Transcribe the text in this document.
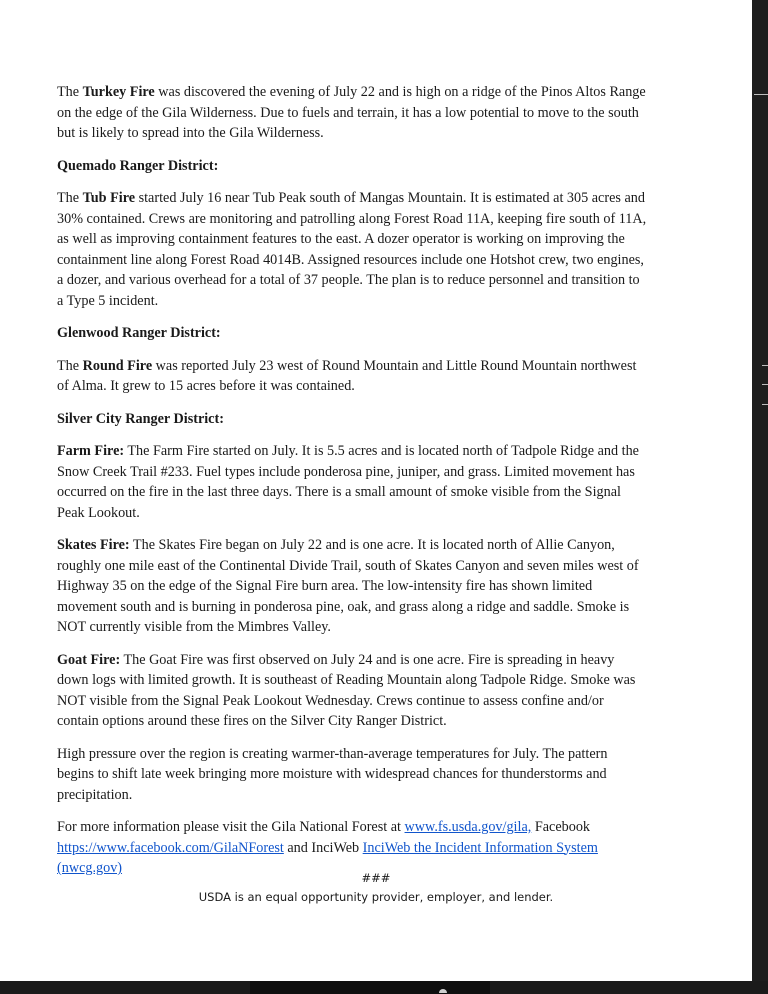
The Turkey Fire was discovered the evening of July 22 and is high on a ridge of the Pinos Altos Range on the edge of the Gila Wilderness. Due to fuels and terrain, it has a low potential to move to the south but is likely to spread into the Gila Wilderness.

Quemado Ranger District:

The Tub Fire started July 16 near Tub Peak south of Mangas Mountain. It is estimated at 305 acres and 30% contained. Crews are monitoring and patrolling along Forest Road 11A, keeping fire south of 11A, as well as improving containment features to the east. A dozer operator is working on improving the containment line along Forest Road 4014B. Assigned resources include one Hotshot crew, two engines, a dozer, and various overhead for a total of 37 people. The plan is to reduce personnel and transition to a Type 5 incident.

Glenwood Ranger District:

The Round Fire was reported July 23 west of Round Mountain and Little Round Mountain northwest of Alma. It grew to 15 acres before it was contained.

Silver City Ranger District:

Farm Fire: The Farm Fire started on July. It is 5.5 acres and is located north of Tadpole Ridge and the Snow Creek Trail #233. Fuel types include ponderosa pine, juniper, and grass. Limited movement has occurred on the fire in the last three days. There is a small amount of smoke visible from the Signal Peak Lookout.

Skates Fire: The Skates Fire began on July 22 and is one acre. It is located north of Allie Canyon, roughly one mile east of the Continental Divide Trail, south of Skates Canyon and seven miles west of Highway 35 on the edge of the Signal Fire burn area. The low-intensity fire has shown limited movement south and is burning in ponderosa pine, oak, and grass along a ridge and saddle. Smoke is NOT currently visible from the Mimbres Valley.

Goat Fire: The Goat Fire was first observed on July 24 and is one acre. Fire is spreading in heavy down logs with limited growth. It is southeast of Reading Mountain along Tadpole Ridge. Smoke was NOT visible from the Signal Peak Lookout Wednesday. Crews continue to assess confine and/or contain options around these fires on the Silver City Ranger District.

High pressure over the region is creating warmer-than-average temperatures for July. The pattern begins to shift late week bringing more moisture with widespread chances for thunderstorms and precipitation.

For more information please visit the Gila National Forest at www.fs.usda.gov/gila, Facebook https://www.facebook.com/GilaNForest and InciWeb InciWeb the Incident Information System (nwcg.gov)

###
USDA is an equal opportunity provider, employer, and lender.
